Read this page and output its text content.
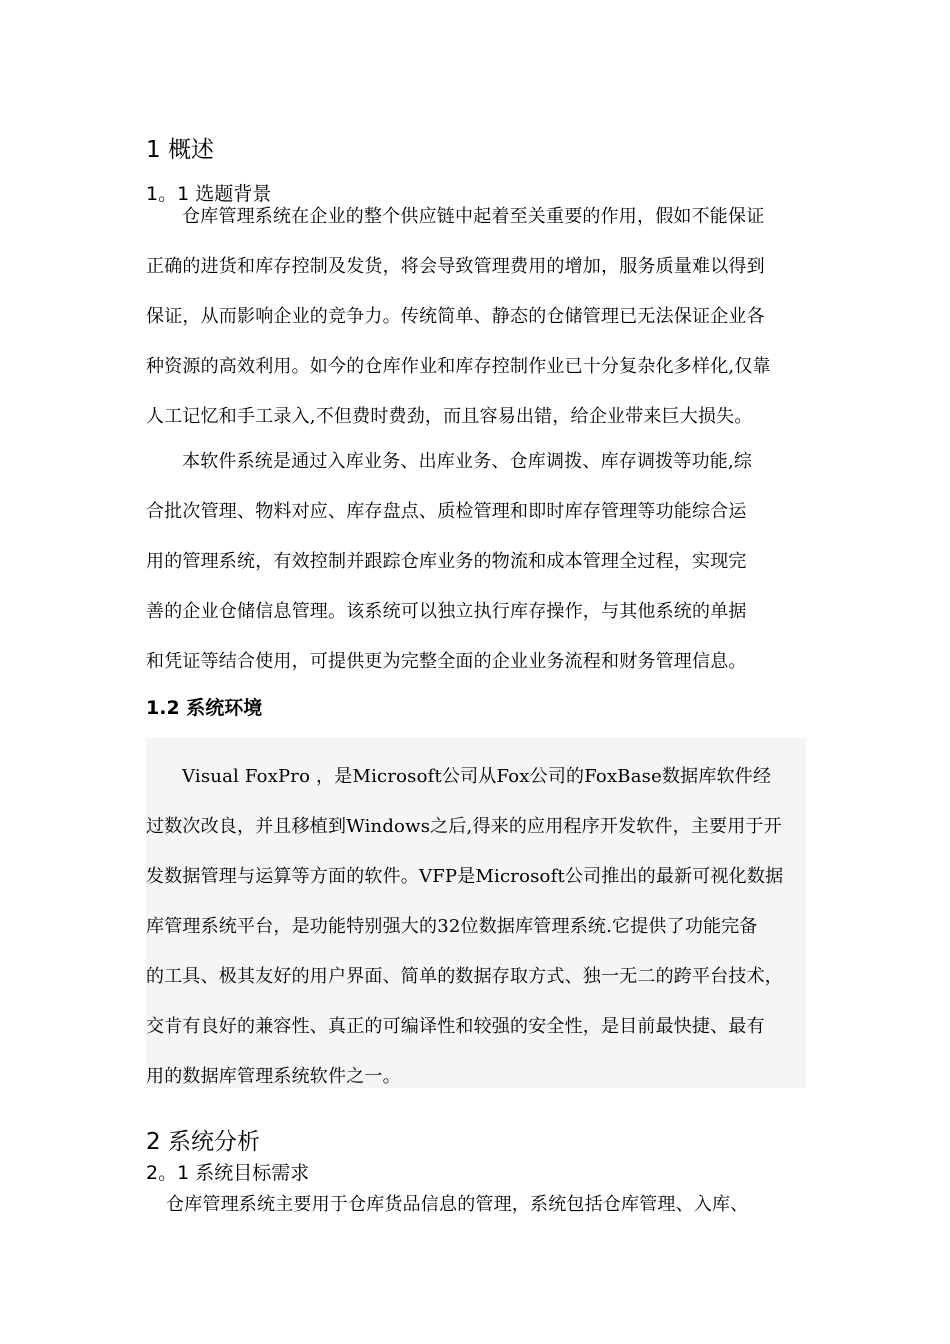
1 概述
1。1 选题背景
仓库管理系统在企业的整个供应链中起着至关重要的作用，假如不能保证
正确的进货和库存控制及发货，将会导致管理费用的增加，服务质量难以得到
保证，从而影响企业的竞争力。传统简单、静态的仓储管理已无法保证企业各
种资源的高效利用。如今的仓库作业和库存控制作业已十分复杂化多样化,仅靠
人工记忆和手工录入,不但费时费劲，而且容易出错，给企业带来巨大损失。
本软件系统是通过入库业务、出库业务、仓库调拨、库存调拨等功能,综
合批次管理、物料对应、库存盘点、质检管理和即时库存管理等功能综合运
用的管理系统，有效控制并跟踪仓库业务的物流和成本管理全过程，实现完
善的企业仓储信息管理。该系统可以独立执行库存操作，与其他系统的单据
和凭证等结合使用，可提供更为完整全面的企业业务流程和财务管理信息。
1.2 系统环境
Visual FoxPro ，是Microsoft公司从Fox公司的FoxBase数据库软件经
过数次改良，并且移植到Windows之后,得来的应用程序开发软件，主要用于开
发数据管理与运算等方面的软件。VFP是Microsoft公司推出的最新可视化数据
库管理系统平台，是功能特别强大的32位数据库管理系统.它提供了功能完备
的工具、极其友好的用户界面、简单的数据存取方式、独一无二的跨平台技术，
交肯有良好的兼容性、真正的可编译性和较强的安全性，是目前最快捷、最有
用的数据库管理系统软件之一。
2 系统分析
2。1 系统目标需求
仓库管理系统主要用于仓库货品信息的管理，系统包括仓库管理、入库、
